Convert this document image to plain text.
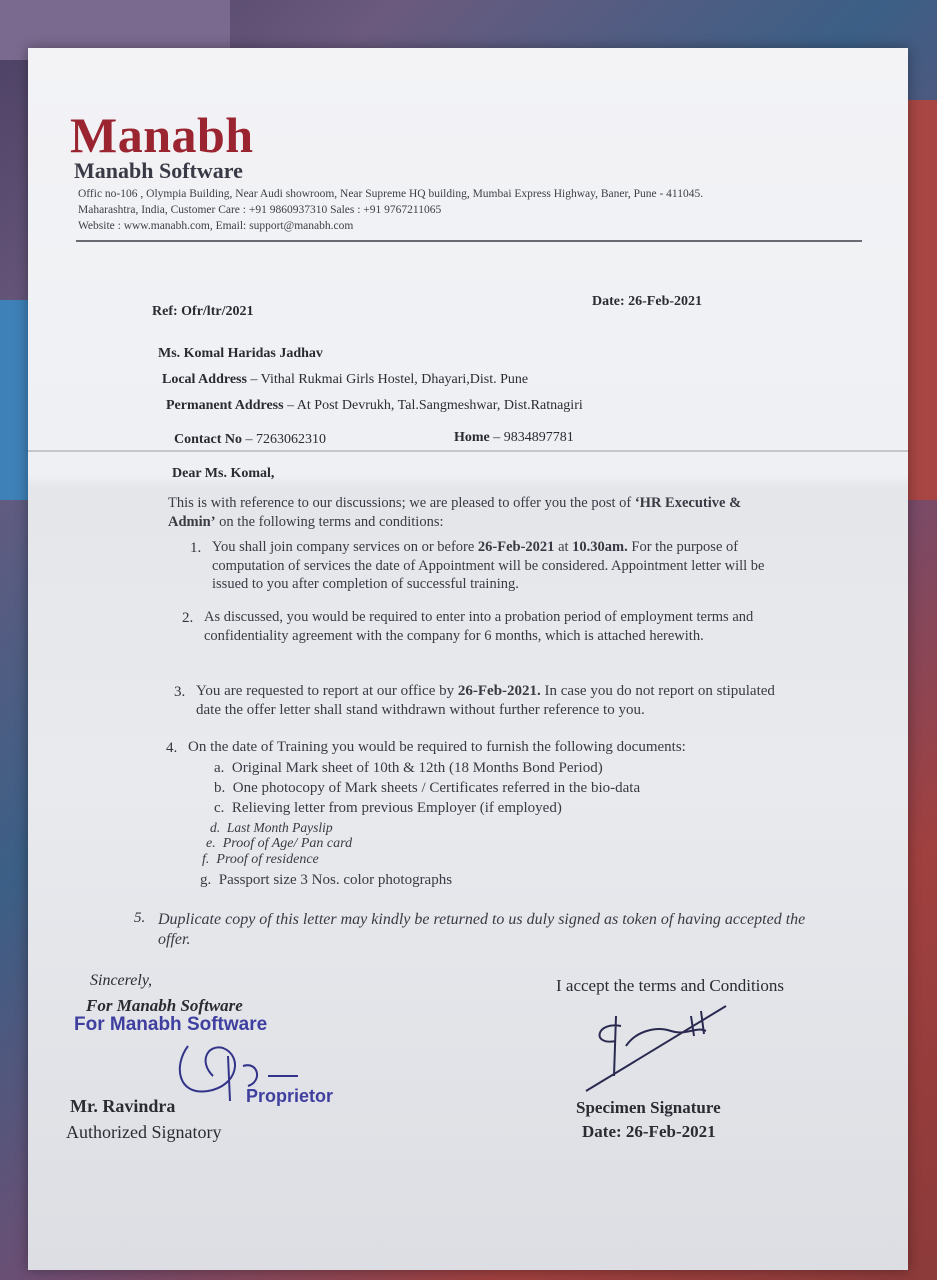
Manabh
Manabh Software
Offic no-106 , Olympia Building, Near Audi showroom, Near Supreme HQ building, Mumbai Express Highway, Baner, Pune - 411045.
Maharashtra, India, Customer Care : +91 9860937310 Sales : +91 9767211065
Website : www.manabh.com, Email: support@manabh.com
Ref: Ofr/ltr/2021
Date: 26-Feb-2021
Ms. Komal Haridas Jadhav
Local Address – Vithal Rukmai Girls Hostel, Dhayari,Dist. Pune
Permanent Address – At Post Devrukh, Tal.Sangmeshwar, Dist.Ratnagiri
Contact No – 7263062310	Home – 9834897781
Dear Ms. Komal,
This is with reference to our discussions; we are pleased to offer you the post of ‘HR Executive & Admin’ on the following terms and conditions:
1. You shall join company services on or before 26-Feb-2021 at 10.30am. For the purpose of computation of services the date of Appointment will be considered. Appointment letter will be issued to you after completion of successful training.
2. As discussed, you would be required to enter into a probation period of employment terms and confidentiality agreement with the company for 6 months, which is attached herewith.
3. You are requested to report at our office by 26-Feb-2021. In case you do not report on stipulated date the offer letter shall stand withdrawn without further reference to you.
4. On the date of Training you would be required to furnish the following documents:
a. Original Mark sheet of 10th & 12th (18 Months Bond Period)
b. One photocopy of Mark sheets / Certificates referred in the bio-data
c. Relieving letter from previous Employer (if employed)
d. Last Month Payslip
e. Proof of Age/ Pan card
f. Proof of residence
g. Passport size 3 Nos. color photographs
5. Duplicate copy of this letter may kindly be returned to us duly signed as token of having accepted the offer.
Sincerely,
For Manabh Software
For Manabh Software
Proprietor
Mr. Ravindra
Authorized Signatory
I accept the terms and Conditions
Specimen Signature
Date: 26-Feb-2021
